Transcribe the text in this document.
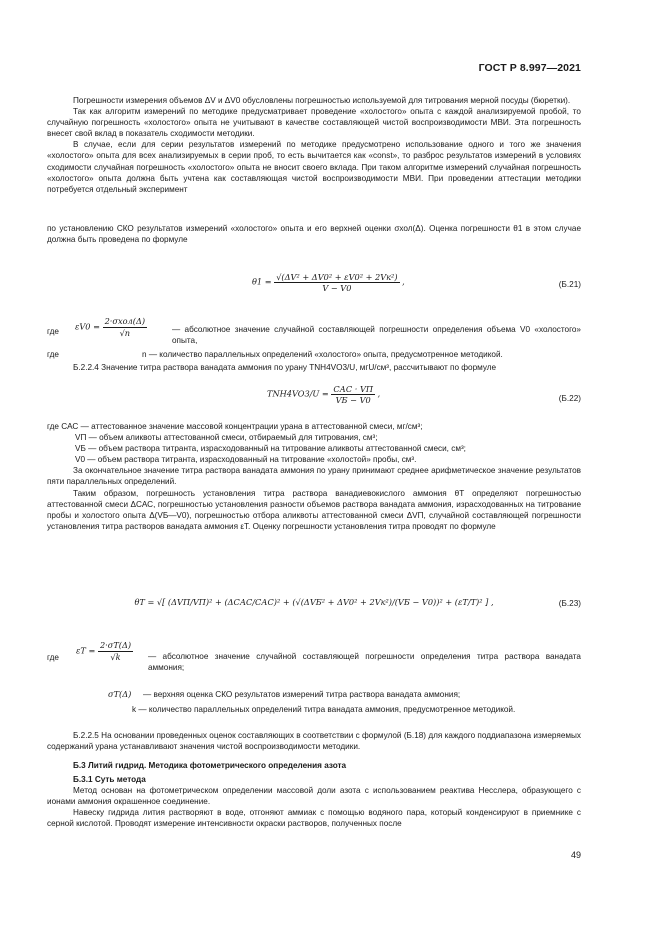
ГОСТ Р 8.997—2021

Погрешности измерения объемов ΔV и ΔV0 обусловлены погрешностью используемой для титрования мерной посуды (бюретки).

Так как алгоритм измерений по методике предусматривает проведение «холостого» опыта с каждой анализируемой пробой, то случайную погрешность «холостого» опыта не учитывают в качестве составляющей чистой воспроизводимости МВИ. Эта погрешность внесет свой вклад в показатель сходимости методики.

В случае, если для серии результатов измерений по методике предусмотрено использование одного и того же значения «холостого» опыта для всех анализируемых в серии проб, то есть вычитается как «const», то разброс результатов измерений в условиях сходимости случайная погрешность «холостого» опыта не вносит своего вклада. При таком алгоритме измерений случайная погрешность «холостого» опыта должна быть учтена как составляющая чистой воспроизводимости МВИ. При проведении аттестации методики потребуется отдельный эксперимент

по установлению СКО результатов измерений «холостого» опыта и его верхней оценки σхол(Δ). Оценка погрешности θ1 в этом случае должна быть проведена по формуле

$\theta 1 = \frac{\text{√(ΔV² + ΔV0² + εV0² + 2Vк²)}}{V - V0}$ ,	(Б.21)
где $\varepsilon V0 = \frac{\text{2·σхол(Δ)}}{√n}$	— абсолютное значение случайной составляющей погрешности определения объема V0 «холостого» опыта,
где	n — количество параллельных определений «холостого» опыта, предусмотренное методикой.

Б.2.2.4 Значение титра раствора ванадата аммония по урану TNH4VO3/U, мгU/см³, рассчитывают по формуле

$TNH4VO3/U = \frac{\text{CАС · VП}}{VБ - V0}$ ,	(Б.22)

где CАС — аттестованное значение массовой концентрации урана в аттестованной смеси, мг/см³;

VП — объем аликвоты аттестованной смеси, отбираемый для титрования, см³;

VБ — объем раствора титранта, израсходованный на титрование аликвоты аттестованной смеси, см³;

V0 — объем раствора титранта, израсходованный на титрование «холостой» пробы, см³.

За окончательное значение титра раствора ванадата аммония по урану принимают среднее арифметическое значение результатов пяти параллельных определений.

Таким образом, погрешность установления титра раствора ванадиевокислого аммония θТ определяют погрешностью аттестованной смеси ΔCАС, погрешностью установления разности объемов раствора ванадата аммония, израсходованных на титрование пробы и холостого опыта Δ(VБ—V0), погрешностью отбора аликвоты аттестованной смеси ΔVП, случайной составляющей погрешности установления титра растворов ванадата аммония εТ. Оценку погрешности установления титра проводят по формуле

θТ = √[ (ΔVП/VП)² + (ΔCАС/CАС)² + (√(ΔVБ² + ΔV0² + 2Vк²)/(VБ − V0))² + (εТ/T)² ] ,	(Б.23)
где
$\varepsilon Т = \frac{2\cdot\sigma Т(\Delta)}{√k}$ — абсолютное значение случайной составляющей погрешности определения титра раствора ванадата аммония;
σТ(Δ) — верхняя оценка СКО результатов измерений титра раствора ванадата аммония;
k — количество параллельных определений титра ванадата аммония, предусмотренное методикой.

Б.2.2.5 На основании проведенных оценок составляющих в соответствии с формулой (Б.18) для каждого поддиапазона измеряемых содержаний урана устанавливают значения чистой воспроизводимости методики.

Б.3 Литий гидрид. Методика фотометрического определения азота

Б.3.1 Суть метода

Метод основан на фотометрическом определении массовой доли азота с использованием реактива Несслера, образующего с ионами аммония окрашенное соединение.

Навеску гидрида лития растворяют в воде, отгоняют аммиак с помощью водяного пара, который конденсируют в приемнике с серной кислотой. Проводят измерение интенсивности окраски растворов, полученных после

49
